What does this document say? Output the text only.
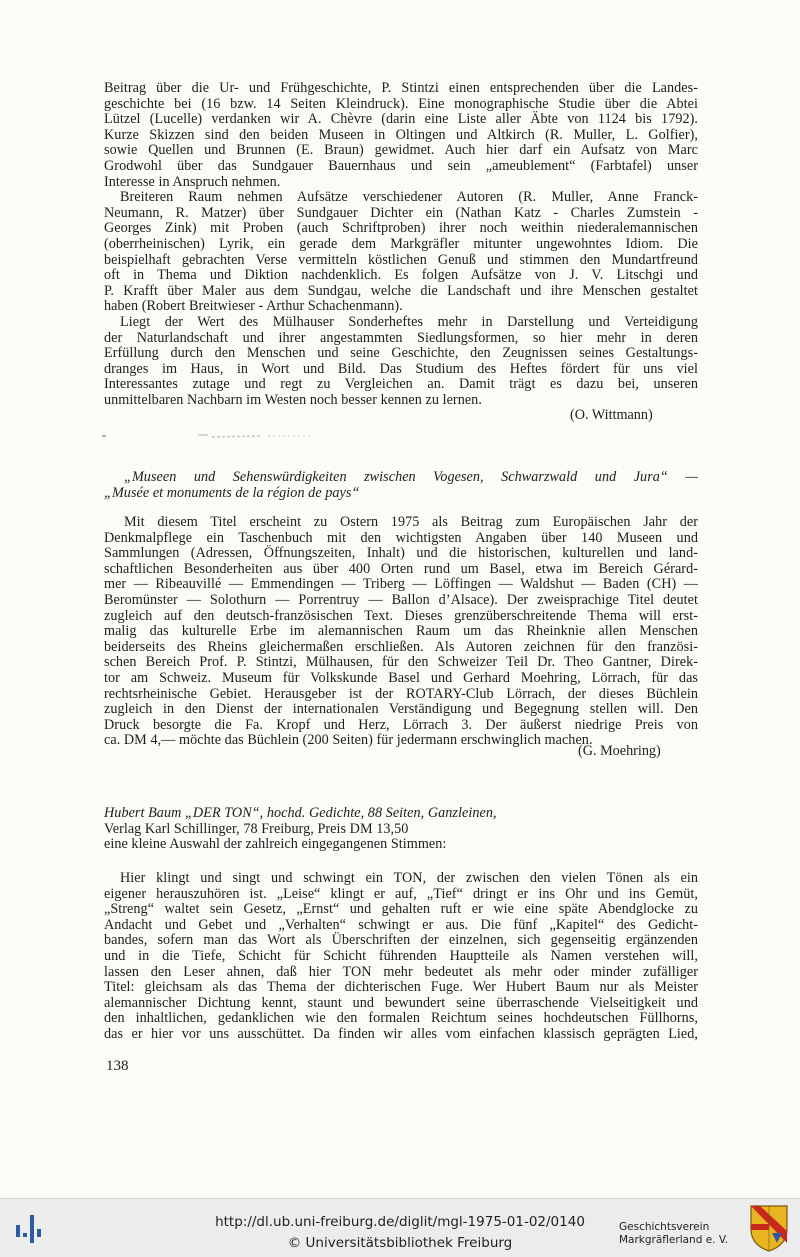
Beitrag über die Ur- und Frühgeschichte, P. Stintzi einen entsprechenden über die Landes-
geschichte bei (16 bzw. 14 Seiten Kleindruck). Eine monographische Studie über die Abtei
Lützel (Lucelle) verdanken wir A. Chèvre (darin eine Liste aller Äbte von 1124 bis 1792).
Kurze Skizzen sind den beiden Museen in Oltingen und Altkirch (R. Muller, L. Golfier),
sowie Quellen und Brunnen (E. Braun) gewidmet. Auch hier darf ein Aufsatz von Marc
Grodwohl über das Sundgauer Bauernhaus und sein „ameublement“ (Farbtafel) unser
Interesse in Anspruch nehmen.
Breiteren Raum nehmen Aufsätze verschiedener Autoren (R. Muller, Anne Franck-
Neumann, R. Matzer) über Sundgauer Dichter ein (Nathan Katz - Charles Zumstein -
Georges Zink) mit Proben (auch Schriftproben) ihrer noch weithin niederalemannischen
(oberrheinischen) Lyrik, ein gerade dem Markgräfler mitunter ungewohntes Idiom. Die
beispielhaft gebrachten Verse vermitteln köstlichen Genuß und stimmen den Mundartfreund
oft in Thema und Diktion nachdenklich. Es folgen Aufsätze von J. V. Litschgi und
P. Krafft über Maler aus dem Sundgau, welche die Landschaft und ihre Menschen gestaltet
haben (Robert Breitwieser - Arthur Schachenmann).
Liegt der Wert des Mülhauser Sonderheftes mehr in Darstellung und Verteidigung
der Naturlandschaft und ihrer angestammten Siedlungsformen, so hier mehr in deren
Erfüllung durch den Menschen und seine Geschichte, den Zeugnissen seines Gestaltungs-
dranges im Haus, in Wort und Bild. Das Studium des Heftes fördert für uns viel
Interessantes zutage und regt zu Vergleichen an. Damit trägt es dazu bei, unseren
unmittelbaren Nachbarn im Westen noch besser kennen zu lernen.
(O. Wittmann)
„Museen und Sehenswürdigkeiten zwischen Vogesen, Schwarzwald und Jura“ —
„Musée et monuments de la région de pays“
Mit diesem Titel erscheint zu Ostern 1975 als Beitrag zum Europäischen Jahr der
Denkmalpflege ein Taschenbuch mit den wichtigsten Angaben über 140 Museen und
Sammlungen (Adressen, Öffnungszeiten, Inhalt) und die historischen, kulturellen und land-
schaftlichen Besonderheiten aus über 400 Orten rund um Basel, etwa im Bereich Gérard-
mer — Ribeauvillé — Emmendingen — Triberg — Löffingen — Waldshut — Baden (CH) —
Beromünster — Solothurn — Porrentruy — Ballon d’Alsace). Der zweisprachige Titel deutet
zugleich auf den deutsch-französischen Text. Dieses grenzüberschreitende Thema will erst-
malig das kulturelle Erbe im alemannischen Raum um das Rheinknie allen Menschen
beiderseits des Rheins gleichermaßen erschließen. Als Autoren zeichnen für den französi-
schen Bereich Prof. P. Stintzi, Mülhausen, für den Schweizer Teil Dr. Theo Gantner, Direk-
tor am Schweiz. Museum für Volkskunde Basel und Gerhard Moehring, Lörrach, für das
rechtsrheinische Gebiet. Herausgeber ist der ROTARY-Club Lörrach, der dieses Büchlein
zugleich in den Dienst der internationalen Verständigung und Begegnung stellen will. Den
Druck besorgte die Fa. Kropf und Herz, Lörrach 3. Der äußerst niedrige Preis von
ca. DM 4,— möchte das Büchlein (200 Seiten) für jedermann erschwinglich machen.
(G. Moehring)
Hubert Baum „DER TON“, hochd. Gedichte, 88 Seiten, Ganzleinen,
Verlag Karl Schillinger, 78 Freiburg, Preis DM 13,50
eine kleine Auswahl der zahlreich eingegangenen Stimmen:
Hier klingt und singt und schwingt ein TON, der zwischen den vielen Tönen als ein
eigener herauszuhören ist. „Leise“ klingt er auf, „Tief“ dringt er ins Ohr und ins Gemüt,
„Streng“ waltet sein Gesetz, „Ernst“ und gehalten ruft er wie eine späte Abendglocke zu
Andacht und Gebet und „Verhalten“ schwingt er aus. Die fünf „Kapitel“ des Gedicht-
bandes, sofern man das Wort als Überschriften der einzelnen, sich gegenseitig ergänzenden
und in die Tiefe, Schicht für Schicht führenden Hauptteile als Namen verstehen will,
lassen den Leser ahnen, daß hier TON mehr bedeutet als mehr oder minder zufälliger
Titel: gleichsam als das Thema der dichterischen Fuge. Wer Hubert Baum nur als Meister
alemannischer Dichtung kennt, staunt und bewundert seine überraschende Vielseitigkeit und
den inhaltlichen, gedanklichen wie den formalen Reichtum seines hochdeutschen Füllhorns,
das er hier vor uns ausschüttet. Da finden wir alles vom einfachen klassisch geprägten Lied,
138
http://dl.ub.uni-freiburg.de/diglit/mgl-1975-01-02/0140
© Universitätsbibliothek Freiburg
Geschichtsverein
Markgräflerland e. V.
